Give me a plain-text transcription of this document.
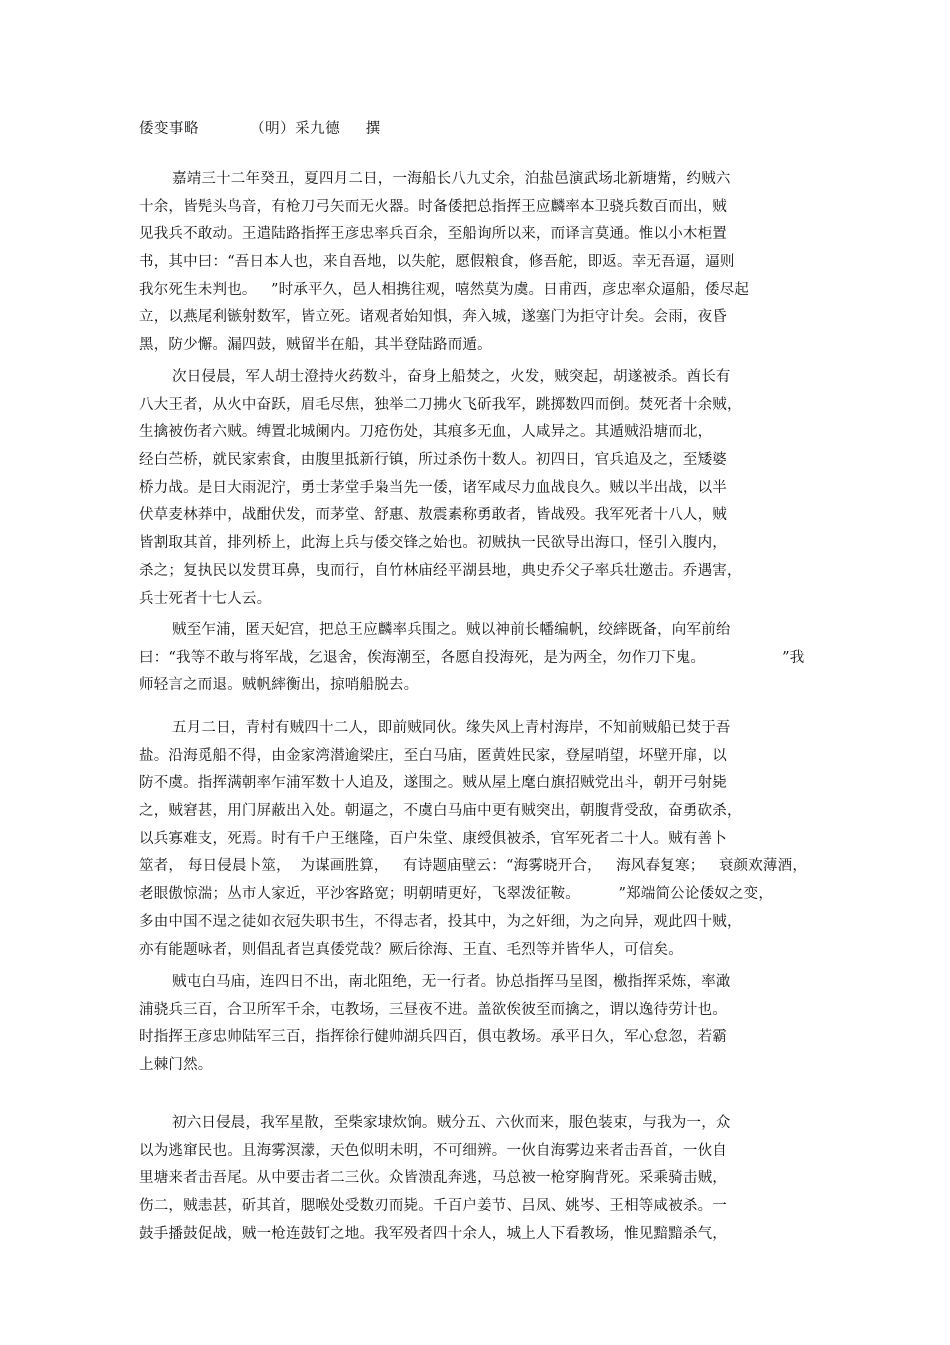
倭变事略          （明）采九德     撰
嘉靖三十二年癸丑，夏四月二日，一海船长八九丈余，泊盐邑演武场北新塘觜，约贼六
十余，皆髡头鸟音，有枪刀弓矢而无火器。时备倭把总指挥王应麟率本卫骁兵数百而出，贼
见我兵不敢动。王遣陆路指挥王彦忠率兵百余，至船询所以来，而译言莫通。惟以小木柜置
书，其中曰：“吾日本人也，来自吾地，以失舵，愿假粮食，修吾舵，即返。幸无吾逼，逼则
我尔死生未判也。   ”时承平久，邑人相携往观，嘻然莫为虞。日甫西，彦忠率众逼船，倭尽起
立，以燕尾利镞射数军，皆立死。诸观者始知惧，奔入城，遂塞门为拒守计矣。会雨，夜昏
黑，防少懈。漏四鼓，贼留半在船，其半登陆路而遁。
次日侵晨，军人胡士澄持火药数斗，奋身上船焚之，火发，贼突起，胡遂被杀。酋长有
八大王者，从火中奋跃，眉毛尽焦，独举二刀拂火飞斫我军，跳掷数四而倒。焚死者十余贼，
生擒被伤者六贼。缚置北城阑内。刀疮伤处，其痕多无血，人咸异之。其遁贼沿塘而北，
经白苎桥，就民家索食，由腹里抵新行镇，所过杀伤十数人。初四日，官兵追及之，至矮婆
桥力战。是日大雨泥泞，勇士茅堂手枭当先一倭，诸军咸尽力血战良久。贼以半出战，以半
伏草麦林莽中，战酣伏发，而茅堂、舒惠、敖震素称勇敢者，皆战殁。我军死者十八人，贼
皆割取其首，排列桥上，此海上兵与倭交锋之始也。初贼执一民欲导出海口，怪引入腹内，
杀之；复执民以发贯耳鼻，曳而行，自竹林庙经平湖县地，典史乔父子率兵壮邀击。乔遇害，
兵士死者十七人云。
贼至乍浦，匿天妃宫，把总王应麟率兵围之。贼以神前长幡编帆，绞繂既备，向军前绐
曰：“我等不敢与将军战，乞退舍，俟海潮至，各愿自投海死，是为两全，勿作刀下鬼。                ”我
师轻言之而退。贼帆繂衡出，掠哨船脱去。
五月二日，青村有贼四十二人，即前贼同伙。缘失风上青村海岸，不知前贼船已焚于吾
盐。沿海觅船不得，由金家湾潜逾梁庄，至白马庙，匿黄姓民家，登屋哨望，坏壁开扉，以
防不虞。指挥满朝率乍浦军数十人追及，遂围之。贼从屋上麾白旗招贼党出斗，朝开弓射毙
之，贼窘甚，用门屏蔽出入处。朝逼之，不虞白马庙中更有贼突出，朝腹背受敌，奋勇砍杀，
以兵寡难支，死焉。时有千户王继隆，百户朱堂、康绶俱被杀，官军死者二十人。贼有善卜
筮者， 每日侵晨卜筮，  为谋画胜算，   有诗题庙壁云：“海雾晓开合，   海风春复寒；   衰颜欢薄酒，
老眼傲惊湍；丛市人家近，平沙客路宽；明朝晴更好，飞翠泼征鞍。        ”郑端简公论倭奴之变，
多由中国不逞之徒如衣冠失职书生，不得志者，投其中，为之奸细，为之向异，观此四十贼，
亦有能题咏者，则倡乱者岂真倭党哉？厥后徐海、王直、毛烈等并皆华人，可信矣。
贼屯白马庙，连四日不出，南北阻绝，无一行者。协总指挥马呈图，檄指挥采炼，率澉
浦骁兵三百，合卫所军千余，屯教场，三昼夜不进。盖欲俟彼至而擒之，谓以逸待劳计也。
时指挥王彦忠帅陆军三百，指挥徐行健帅湖兵四百，俱屯教场。承平日久，军心怠忽，若霸
上棘门然。
初六日侵晨，我军星散，至柴家埭炊饷。贼分五、六伙而来，服色装束，与我为一，众
以为逃窜民也。且海雾溟濛，天色似明未明，不可细辨。一伙自海雾边来者击吾首，一伙自
里塘来者击吾尾。从中要击者二三伙。众皆溃乱奔逃，马总被一枪穿胸背死。采乘骑击贼，
伤二，贼恚甚，斫其首，腮喉处受数刃而毙。千百户姜节、吕凤、姚岑、王相等咸被杀。一
鼓手播鼓促战，贼一枪连鼓钉之地。我军殁者四十余人，城上人下看教场，惟见黯黯杀气，
